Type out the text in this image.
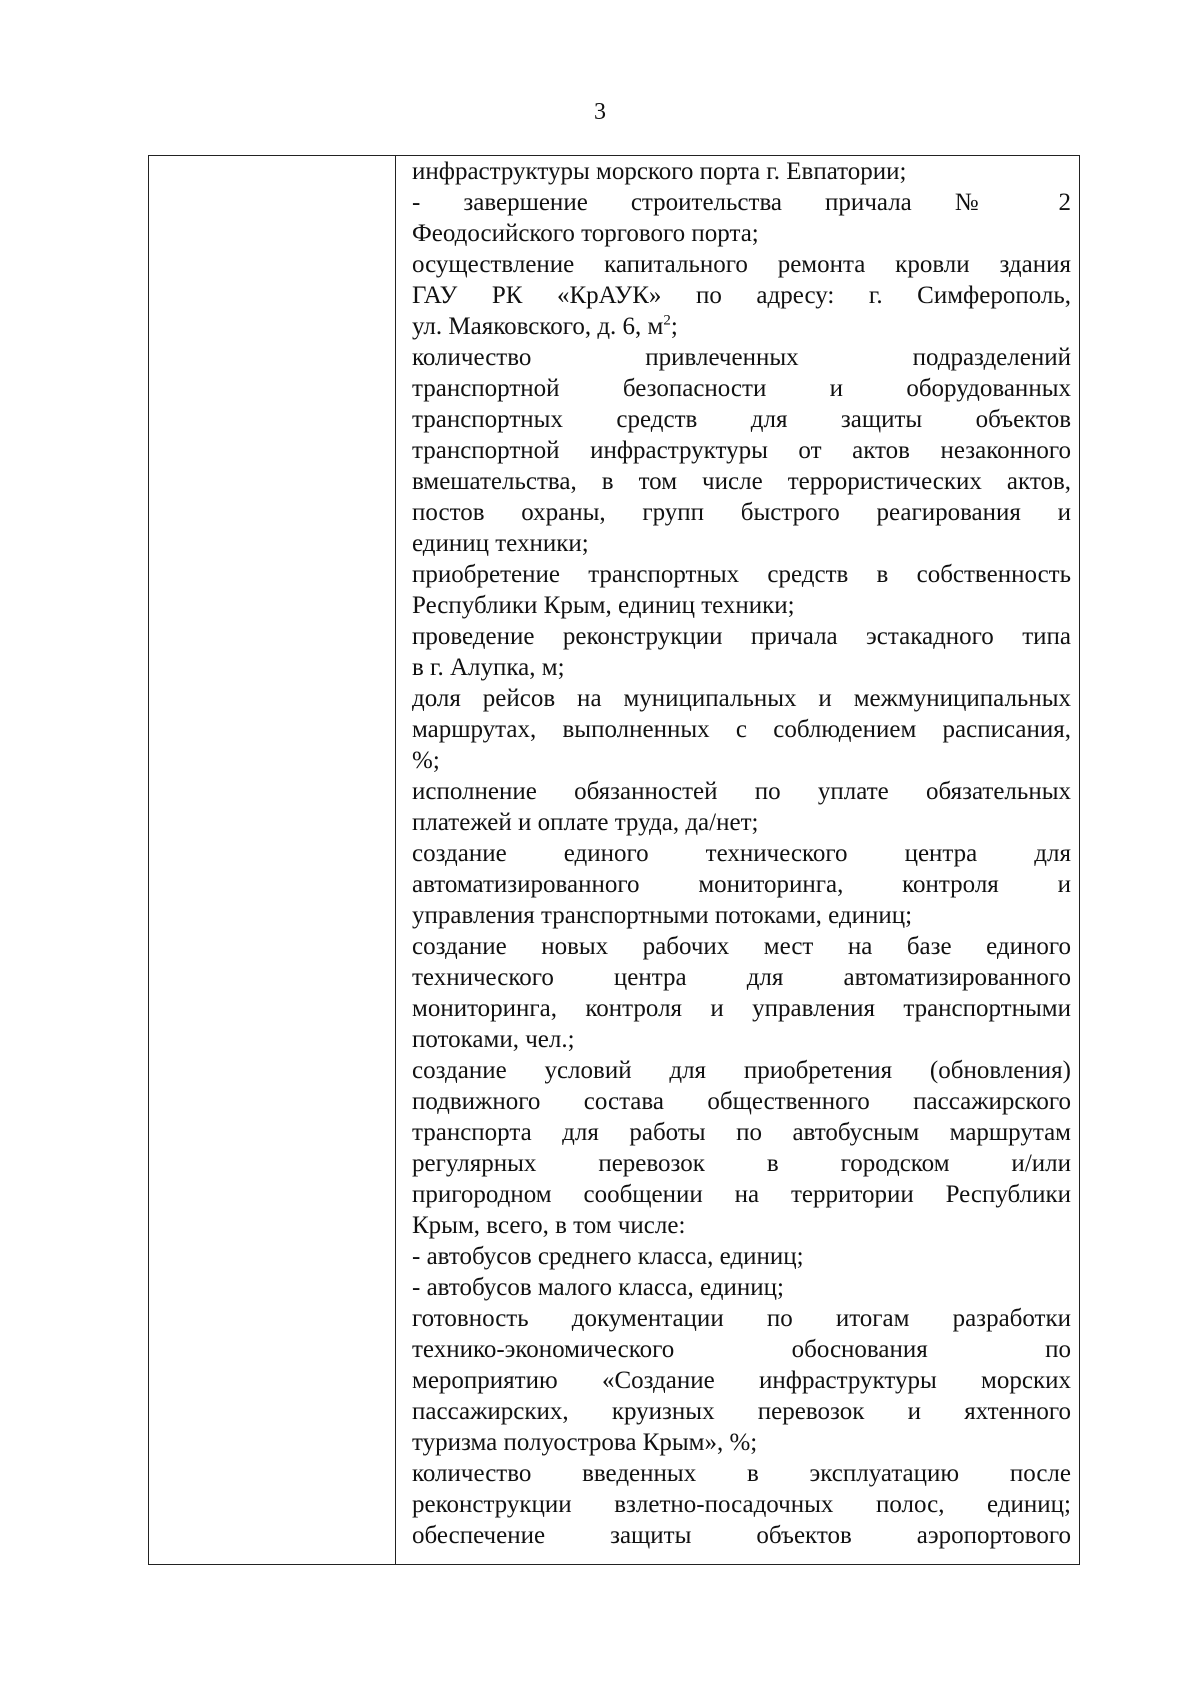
3
инфраструктуры морского порта г. Евпатории;
- завершение строительства причала № 2
Феодосийского торгового порта;
осуществление капитального ремонта кровли здания
ГАУ РК «КрАУК» по адресу: г. Симферополь,
ул. Маяковского, д. 6, $м^2$;
количество привлеченных подразделений
транспортной безопасности и оборудованных
транспортных средств для защиты объектов
транспортной инфраструктуры от актов незаконного
вмешательства, в том числе террористических актов,
постов охраны, групп быстрого реагирования и
единиц техники;
приобретение транспортных средств в собственность
Республики Крым, единиц техники;
проведение реконструкции причала эстакадного типа
в г. Алупка, м;
доля рейсов на муниципальных и межмуниципальных
маршрутах, выполненных с соблюдением расписания,
%;
исполнение обязанностей по уплате обязательных
платежей и оплате труда, да/нет;
создание единого технического центра для
автоматизированного мониторинга, контроля и
управления транспортными потоками, единиц;
создание новых рабочих мест на базе единого
технического центра для автоматизированного
мониторинга, контроля и управления транспортными
потоками, чел.;
создание условий для приобретения (обновления)
подвижного состава общественного пассажирского
транспорта для работы по автобусным маршрутам
регулярных перевозок в городском и/или
пригородном сообщении на территории Республики
Крым, всего, в том числе:
- автобусов среднего класса, единиц;
- автобусов малого класса, единиц;
готовность документации по итогам разработки
технико-экономического обоснования по
мероприятию «Создание инфраструктуры морских
пассажирских, круизных перевозок и яхтенного
туризма полуострова Крым», %;
количество введенных в эксплуатацию после
реконструкции взлетно-посадочных полос, единиц;
обеспечение защиты объектов аэропортового
